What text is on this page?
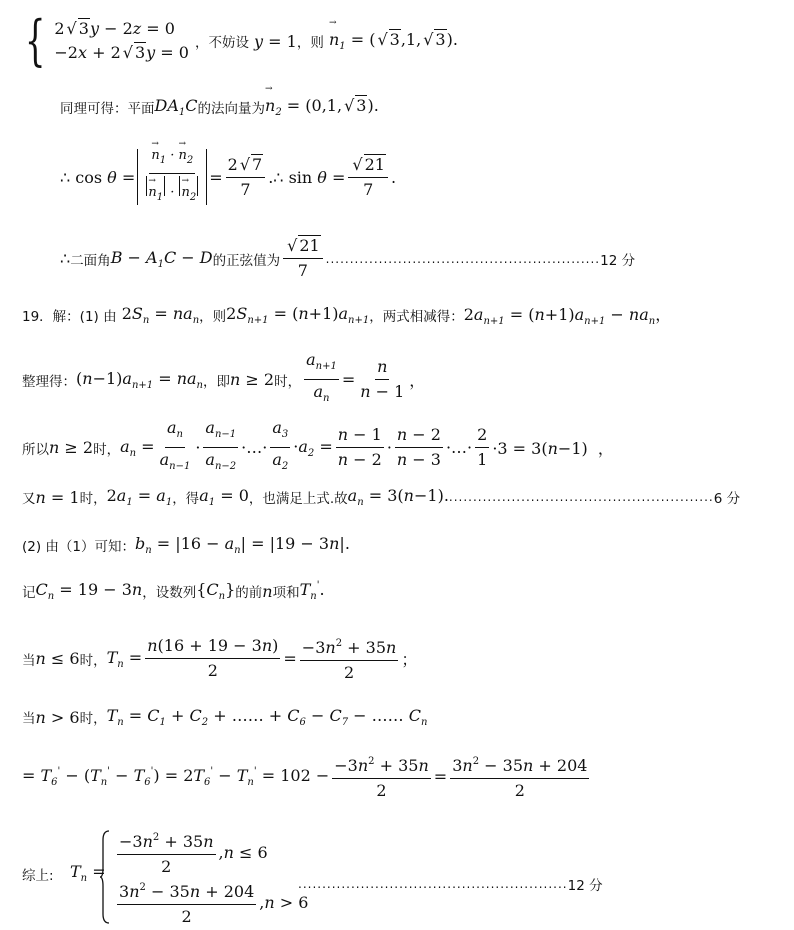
{ 2 √ 3y − 2z = 0
−2x + 2 √ 3y = 0 ，不妨设 y = 1 ，则 → $n_1$ = ( √ 3,1, √ 3).
同理可得：平面 $DA_1C$ 的法向量为 → $n_2 = (0,1$, √ 3).
∴ cos θ = → $n_1$ · → $n_2$
→ $n_1$ · → $n_2 = \frac{2 √ 7}{7}$ .∴ $\sin \theta = \frac{√ 21}{7}$ .
∴ 二面角 $B - A_1C - D$ 的正弦值为 $\frac{√ 21}{7}$ ......................................................... 12 分
19．解：(1) 由 $2S_n = na_n$ ，则 $2S_{n+1} = (n+1)a_{n+1}$ ，两式相减得： $2a_{n+1} = (n+1)a_{n+1} - na_n$，
整理得： $(n-1)a_{n+1} = na_n$ ，即 n ≥ 2 时， $\frac{a_{n+1}}{a_n} = \frac{n}{n - 1}$ ，
所以 n ≥ 2 时， $a_n = \frac{a_n}{a_{n-1}} \cdot \frac{a_{n-1}}{a_{n-2}}$ ·…· $\frac{a_3}{a_2} \cdot a_2 = \frac{n - 1}{n - 2} \cdot \frac{n - 2}{n - 3}$ ·…· $\frac{2}{1} \cdot 3 = 3(n-1)$ ，
又 n = 1 时， $2a_1 = a_1$ ，得 $a_1 = 0$ ，也满足上式.故 $a_n = 3(n-1)$. ....................................................... 6 分
(2) 由（1）可知： $b_n = |16 - a_n| = |19 - 3n|$.
记 $C_n = 19 - 3n$ ，设数列 $\{C_n\}$ 的前 n 项和 $T_n'$.
当 n ≤ 6 时， $T_n = \frac{n(16 + 19 - 3n)}{2} = \frac{-3n^2 + 35n}{2}$ ；
当 n > 6 时， $T_n = C_1 + C_2$ + …… + $C_6 - C_7$ − …… $C_n$
= $T_6' - (T_n' - T_6') = 2T_6' - T_n' = 102 - \frac{-3n^2 + 35n}{2} = \frac{3n^2 - 35n + 204}{2}$
综上: $T_n = \frac{-3n^2 + 35n}{2} ,n \le 6$
$\frac{3n^2 - 35n + 204}{2} ,n > 6$
........................................................ 12 分
